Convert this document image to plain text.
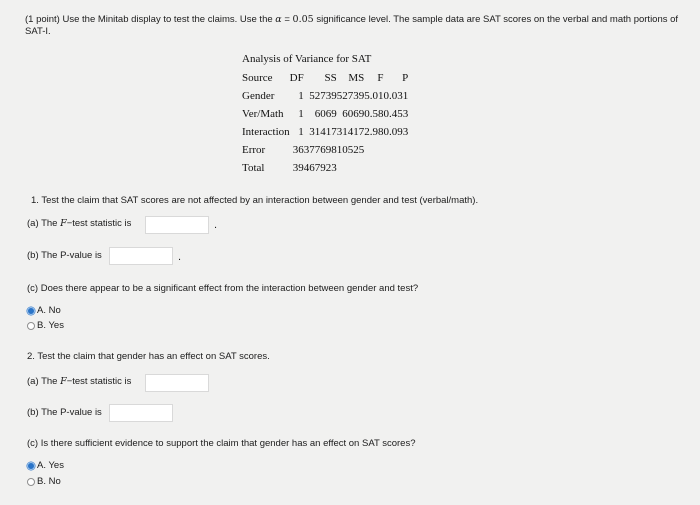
(1 point) Use the Minitab display to test the claims. Use the α = 0.05 significance level. The sample data are SAT scores on the verbal and math portions of SAT-I.
Analysis of Variance for SAT
Source	DF	SS	MS	F	P
Gender	1	52739	52739	5.01	0.031
Ver/Math	1	6069	6069	0.58	0.453
Interaction	1	31417	31417	2.98	0.093
Error	36	377698	10525		
Total	39	467923			
1. Test the claim that SAT scores are not affected by an interaction between gender and test (verbal/math).
(a) The F−test statistic is	.
(b) The P-value is	.
(c) Does there appear to be a significant effect from the interaction between gender and test?
A. No
B. Yes
2. Test the claim that gender has an effect on SAT scores.
(a) The F−test statistic is
(b) The P-value is
(c) Is there sufficient evidence to support the claim that gender has an effect on SAT scores?
A. Yes
B. No
